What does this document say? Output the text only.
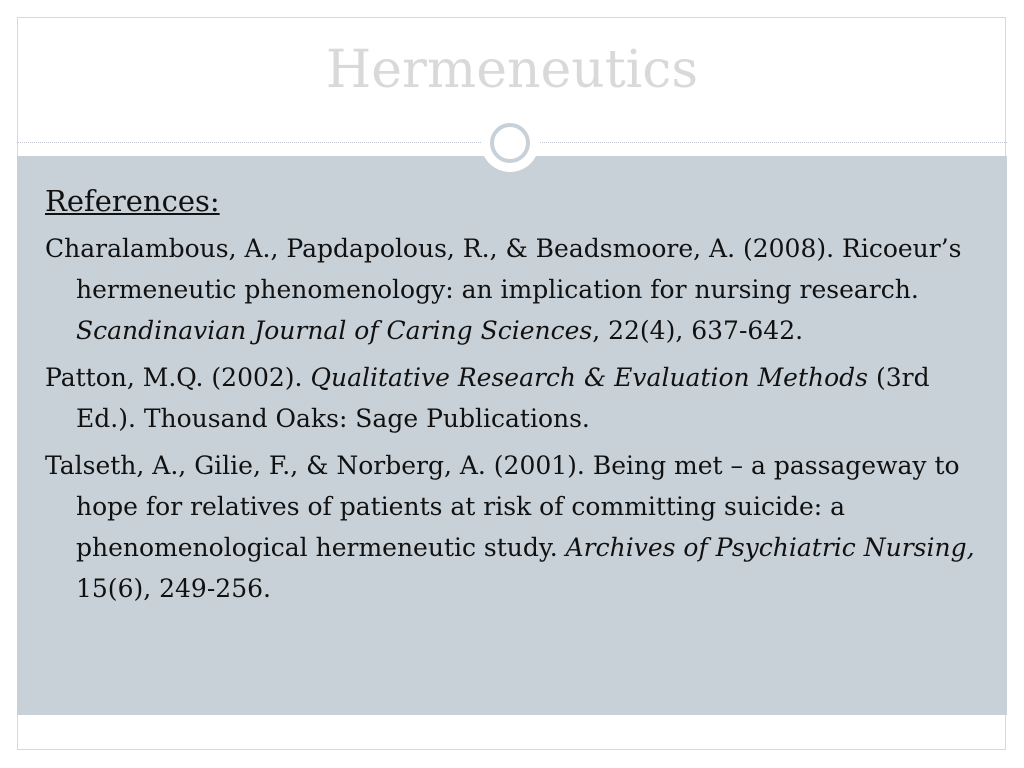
Hermeneutics

References:

Charalambous, A., Papdapolous, R., & Beadsmoore, A. (2008). Ricoeur’s hermeneutic phenomenology: an implication for nursing research. Scandinavian Journal of Caring Sciences, 22(4), 637-642.

Patton, M.Q. (2002). Qualitative Research & Evaluation Methods (3rd Ed.). Thousand Oaks: Sage Publications.

Talseth, A., Gilie, F., & Norberg, A. (2001). Being met – a passageway to hope for relatives of patients at risk of committing suicide: a phenomenological hermeneutic study. Archives of Psychiatric Nursing, 15(6), 249-256.
